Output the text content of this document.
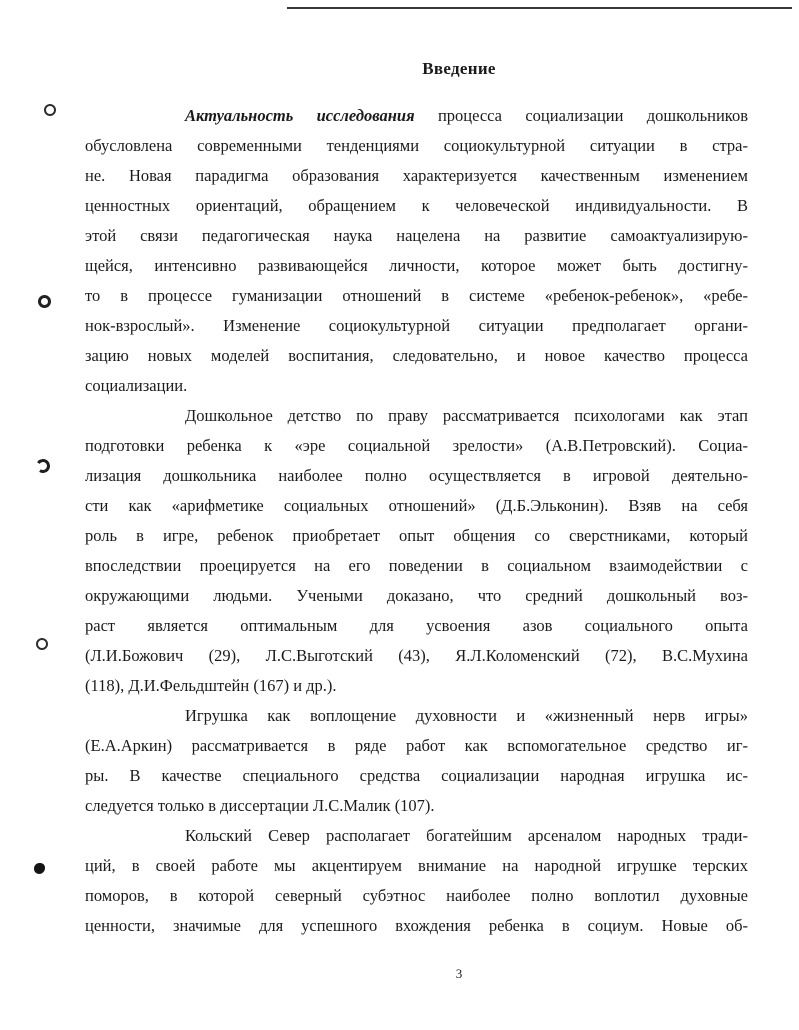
Введение
Актуальность исследования процесса социализации дошкольников
обусловлена современными тенденциями социокультурной ситуации в стра-
не. Новая парадигма образования характеризуется качественным изменением
ценностных ориентаций, обращением к человеческой индивидуальности. В
этой связи педагогическая наука нацелена на развитие самоактуализирую-
щейся, интенсивно развивающейся личности, которое может быть достигну-
то в процессе гуманизации отношений в системе «ребенок-ребенок», «ребе-
нок-взрослый». Изменение социокультурной ситуации предполагает органи-
зацию новых моделей воспитания, следовательно, и новое качество процесса
социализации.
Дошкольное детство по праву рассматривается психологами как этап
подготовки ребенка к «эре социальной зрелости» (А.В.Петровский). Социа-
лизация дошкольника наиболее полно осуществляется в игровой деятельно-
сти как «арифметике социальных отношений» (Д.Б.Эльконин). Взяв на себя
роль в игре, ребенок приобретает опыт общения со сверстниками, который
впоследствии проецируется на его поведении в социальном взаимодействии с
окружающими людьми. Учеными доказано, что средний дошкольный воз-
раст является оптимальным для усвоения азов социального опыта
(Л.И.Божович (29), Л.С.Выготский (43), Я.Л.Коломенский (72), В.С.Мухина
(118), Д.И.Фельдштейн (167) и др.).
Игрушка как воплощение духовности и «жизненный нерв игры»
(Е.А.Аркин) рассматривается в ряде работ как вспомогательное средство иг-
ры. В качестве специального средства социализации народная игрушка ис-
следуется только в диссертации Л.С.Малик (107).
Кольский Север располагает богатейшим арсеналом народных тради-
ций, в своей работе мы акцентируем внимание на народной игрушке терских
поморов, в которой северный субэтнос наиболее полно воплотил духовные
ценности, значимые для успешного вхождения ребенка в социум. Новые об-
3
